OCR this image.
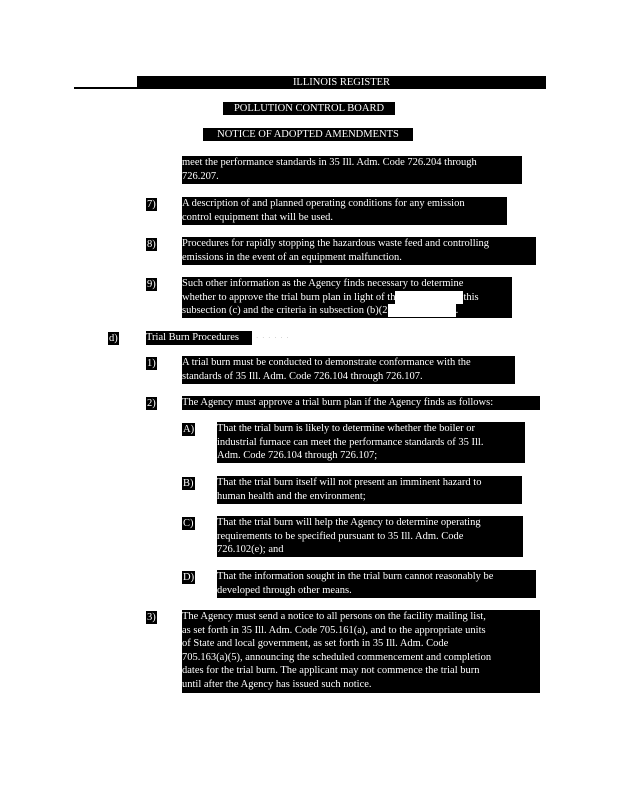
ILLINOIS REGISTER
POLLUTION CONTROL BOARD
NOTICE OF ADOPTED AMENDMENTS
meet the performance standards in 35 Ill. Adm. Code 726.204 through
726.207.
7)	A description of and planned operating conditions for any emission
control equipment that will be used.
8)	Procedures for rapidly stopping the hazardous waste feed and controlling
emissions in the event of an equipment malfunction.
9)	Such other information as the Agency finds necessary to determine
whether to approve the trial burn plan in light of th	this
subsection (c) and the criteria in subsection (b)(2	.
d)	Trial Burn Procedures	· · · · · ·
1)	A trial burn must be conducted to demonstrate conformance with the
standards of 35 Ill. Adm. Code 726.104 through 726.107.
2)	The Agency must approve a trial burn plan if the Agency finds as follows:
A) That the trial burn is likely to determine whether the boiler or
industrial furnace can meet the performance standards of 35 Ill.
Adm. Code 726.104 through 726.107;
B) That the trial burn itself will not present an imminent hazard to
human health and the environment;
C) That the trial burn will help the Agency to determine operating
requirements to be specified pursuant to 35 Ill. Adm. Code
726.102(e); and
D) That the information sought in the trial burn cannot reasonably be
developed through other means.
3)	The Agency must send a notice to all persons on the facility mailing list,
as set forth in 35 Ill. Adm. Code 705.161(a), and to the appropriate units
of State and local government, as set forth in 35 Ill. Adm. Code
705.163(a)(5), announcing the scheduled commencement and completion
dates for the trial burn. The applicant may not commence the trial burn
until after the Agency has issued such notice.
